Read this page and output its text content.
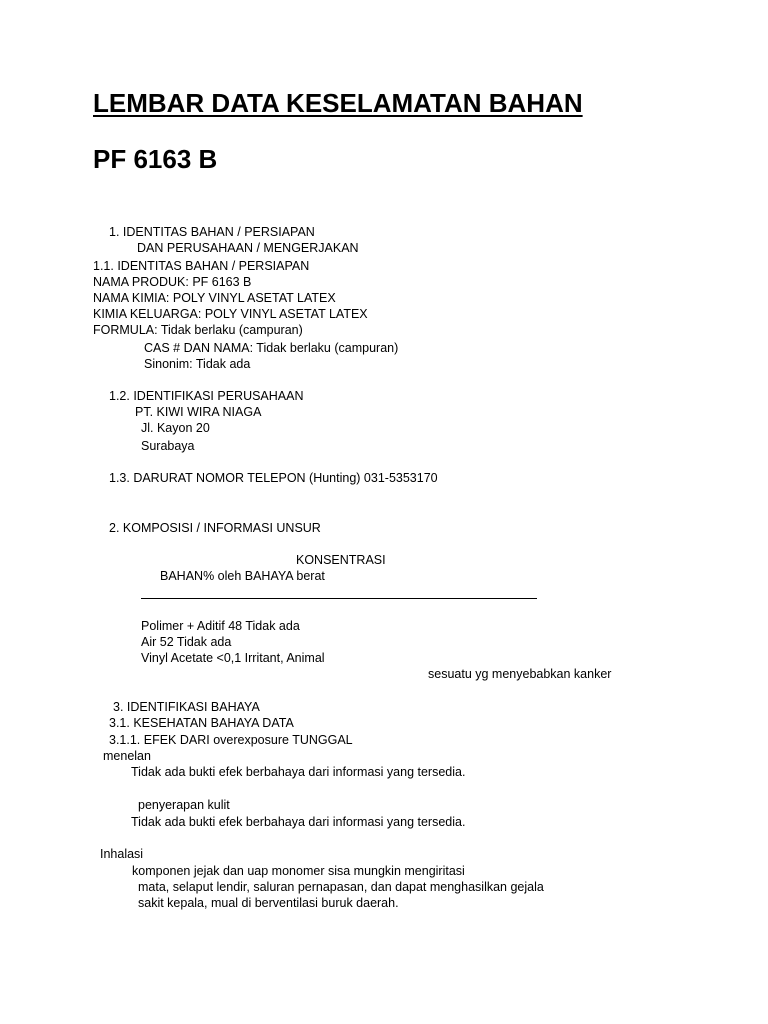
LEMBAR DATA KESELAMATAN BAHAN
PF 6163 B
1. IDENTITAS BAHAN / PERSIAPAN
DAN PERUSAHAAN / MENGERJAKAN
1.1. IDENTITAS BAHAN / PERSIAPAN
NAMA PRODUK: PF 6163 B
NAMA KIMIA: POLY VINYL ASETAT LATEX
KIMIA KELUARGA: POLY VINYL ASETAT LATEX
FORMULA: Tidak berlaku (campuran)
CAS # DAN NAMA: Tidak berlaku (campuran)
Sinonim: Tidak ada
1.2. IDENTIFIKASI PERUSAHAAN
PT. KIWI WIRA NIAGA
Jl. Kayon 20
Surabaya
1.3. DARURAT NOMOR TELEPON (Hunting) 031-5353170
2. KOMPOSISI / INFORMASI UNSUR
KONSENTRASI
BAHAN% oleh BAHAYA berat
Polimer + Aditif 48 Tidak ada
Air 52 Tidak ada
Vinyl Acetate <0,1 Irritant, Animal
sesuatu yg menyebabkan kanker
3. IDENTIFIKASI BAHAYA
3.1. KESEHATAN BAHAYA DATA
3.1.1. EFEK DARI overexposure TUNGGAL
menelan
Tidak ada bukti efek berbahaya dari informasi yang tersedia.
penyerapan kulit
Tidak ada bukti efek berbahaya dari informasi yang tersedia.
Inhalasi
komponen jejak dan uap monomer sisa mungkin mengiritasi
mata, selaput lendir, saluran pernapasan, dan dapat menghasilkan gejala
sakit kepala, mual di berventilasi buruk daerah.
